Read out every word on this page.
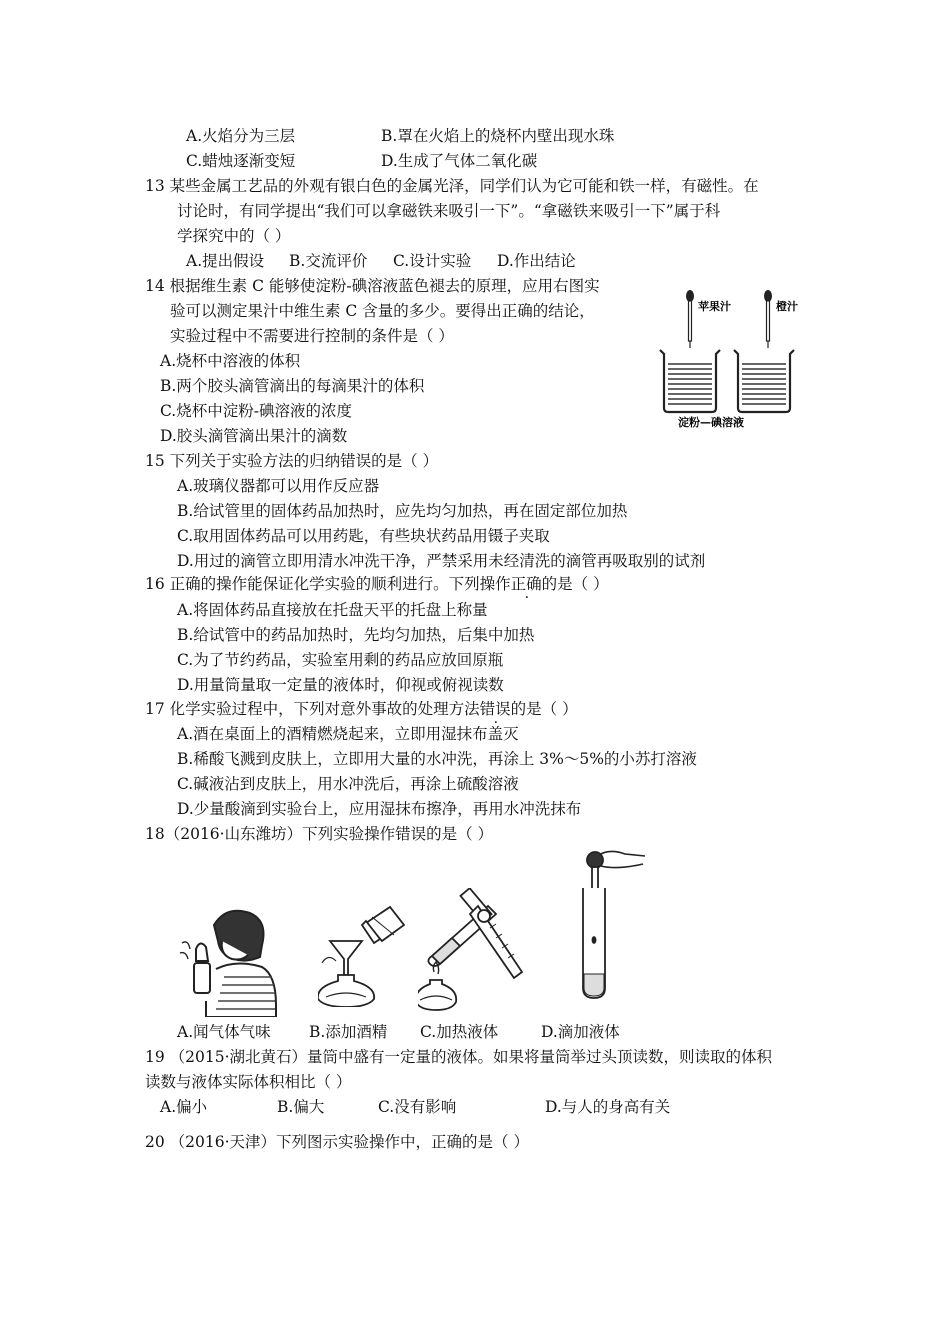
A.火焰分为三层	B.罩在火焰上的烧杯内壁出现水珠
C.蜡烛逐渐变短	D.生成了气体二氧化碳
13 某些金属工艺品的外观有银白色的金属光泽，同学们认为它可能和铁一样，有磁性。在
讨论时，有同学提出“我们可以拿磁铁来吸引一下”。“拿磁铁来吸引一下”属于科
学探究中的（ ）
A.提出假设 B.交流评价 C.设计实验 D.作出结论
14 根据维生素 C 能够使淀粉-碘溶液蓝色褪去的原理，应用右图实
验可以测定果汁中维生素 C 含量的多少。要得出正确的结论，
实验过程中不需要进行控制的条件是（ ）
A.烧杯中溶液的体积
B.两个胶头滴管滴出的每滴果汁的体积
C.烧杯中淀粉-碘溶液的浓度
D.胶头滴管滴出果汁的滴数
苹果汁	橙汁
淀粉—碘溶液
15 下列关于实验方法的归纳错误的是（ ）
A.玻璃仪器都可以用作反应器
B.给试管里的固体药品加热时，应先均匀加热，再在固定部位加热
C.取用固体药品可以用药匙，有些块状药品用镊子夹取
D.用过的滴管立即用清水冲洗干净，严禁采用未经清洗的滴管再吸取别的试剂
16 正确的操作能保证化学实验的顺利进行。下列操作正确的是（ ）
A.将固体药品直接放在托盘天平的托盘上称量
B.给试管中的药品加热时，先均匀加热，后集中加热
C.为了节约药品，实验室用剩的药品应放回原瓶
D.用量筒量取一定量的液体时，仰视或俯视读数
17 化学实验过程中，下列对意外事故的处理方法错误的是（ ）
A.酒在桌面上的酒精燃烧起来，立即用湿抹布盖灭
B.稀酸飞溅到皮肤上，立即用大量的水冲洗，再涂上 3%～5%的小苏打溶液
C.碱液沾到皮肤上，用水冲洗后，再涂上硫酸溶液
D.少量酸滴到实验台上，应用湿抹布擦净，再用水冲洗抹布
18（2016·山东潍坊）下列实验操作错误的是（ ）
A.闻气体气味 B.添加酒精 C.加热液体	D.滴加液体
19 （2015·湖北黄石）量筒中盛有一定量的液体。如果将量筒举过头顶读数，则读取的体积
读数与液体实际体积相比（ ）
A.偏小	B.偏大	C.没有影响	D.与人的身高有关
20 （2016·天津）下列图示实验操作中，正确的是（ ）
